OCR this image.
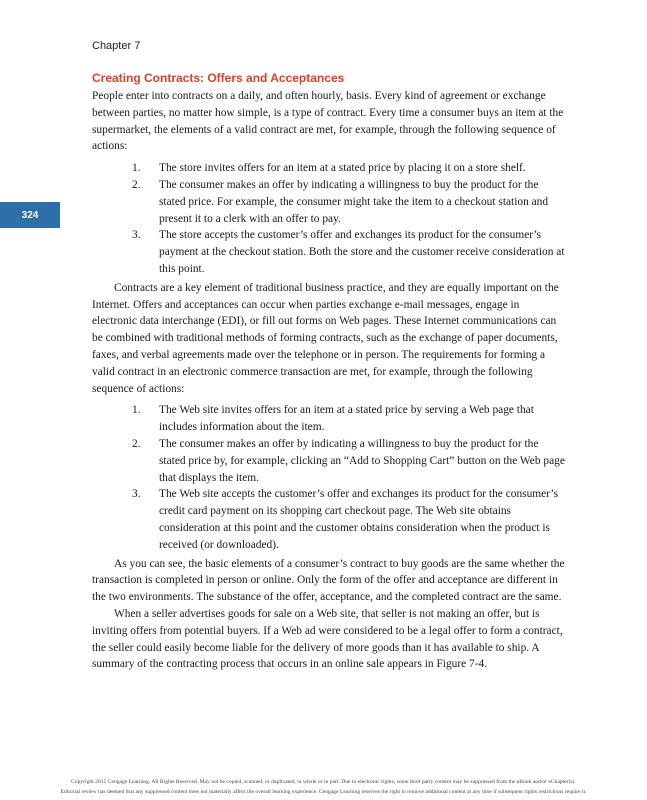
Chapter 7
324
Creating Contracts: Offers and Acceptances

People enter into contracts on a daily, and often hourly, basis. Every kind of agreement or exchange between parties, no matter how simple, is a type of contract. Every time a consumer buys an item at the supermarket, the elements of a valid contract are met, for example, through the following sequence of actions:

1.	The store invites offers for an item at a stated price by placing it on a store shelf.
2.	The consumer makes an offer by indicating a willingness to buy the product for the stated price. For example, the consumer might take the item to a checkout station and present it to a clerk with an offer to pay.
3.	The store accepts the customer’s offer and exchanges its product for the consumer’s payment at the checkout station. Both the store and the customer receive consideration at this point.

Contracts are a key element of traditional business practice, and they are equally important on the Internet. Offers and acceptances can occur when parties exchange e-mail messages, engage in electronic data interchange (EDI), or fill out forms on Web pages. These Internet communications can be combined with traditional methods of forming contracts, such as the exchange of paper documents, faxes, and verbal agreements made over the telephone or in person. The requirements for forming a valid contract in an electronic commerce transaction are met, for example, through the following sequence of actions:

1.	The Web site invites offers for an item at a stated price by serving a Web page that includes information about the item.
2.	The consumer makes an offer by indicating a willingness to buy the product for the stated price by, for example, clicking an “Add to Shopping Cart” button on the Web page that displays the item.
3.	The Web site accepts the customer’s offer and exchanges its product for the consumer’s credit card payment on its shopping cart checkout page. The Web site obtains consideration at this point and the customer obtains consideration when the product is received (or downloaded).

As you can see, the basic elements of a consumer’s contract to buy goods are the same whether the transaction is completed in person or online. Only the form of the offer and acceptance are different in the two environments. The substance of the offer, acceptance, and the completed contract are the same.

When a seller advertises goods for sale on a Web site, that seller is not making an offer, but is inviting offers from potential buyers. If a Web ad were considered to be a legal offer to form a contract, the seller could easily become liable for the delivery of more goods than it has available to ship. A summary of the contracting process that occurs in an online sale appears in Figure 7-4.

Copyright 2015 Cengage Learning. All Rights Reserved. May not be copied, scanned, or duplicated, in whole or in part. Due to electronic rights, some third party content may be suppressed from the eBook and/or eChapter(s).
Editorial review has deemed that any suppressed content does not materially affect the overall learning experience. Cengage Learning reserves the right to remove additional content at any time if subsequent rights restrictions require it.
